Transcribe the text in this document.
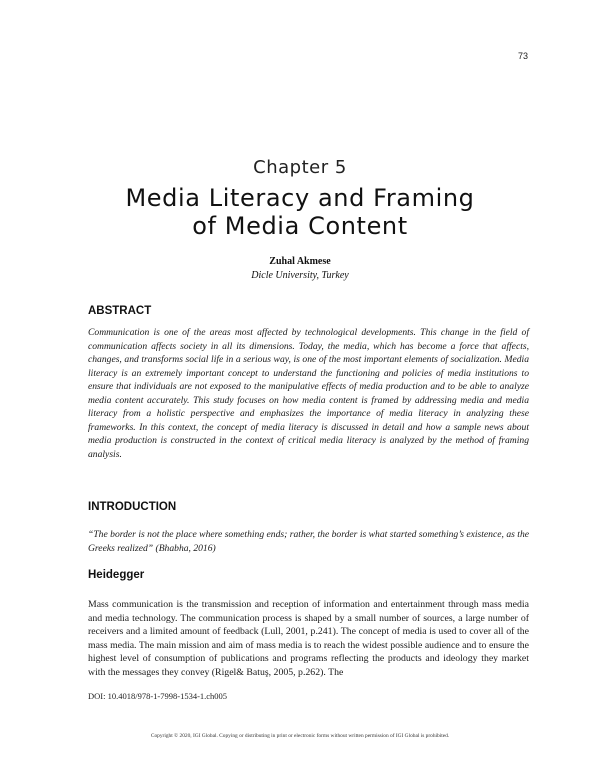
73
Chapter 5
Media Literacy and Framing
of Media Content
Zuhal Akmese
Dicle University, Turkey
ABSTRACT

Communication is one of the areas most affected by technological developments. This change in the field of communication affects society in all its dimensions. Today, the media, which has become a force that affects, changes, and transforms social life in a serious way, is one of the most important elements of socialization. Media literacy is an extremely important concept to understand the functioning and policies of media institutions to ensure that individuals are not exposed to the manipulative effects of media production and to be able to analyze media content accurately. This study focuses on how media content is framed by addressing media and media literacy from a holistic perspective and emphasizes the importance of media literacy in analyzing these frameworks. In this context, the concept of media literacy is discussed in detail and how a sample news about media production is constructed in the context of critical media literacy is analyzed by the method of framing analysis.

INTRODUCTION

“The border is not the place where something ends; rather, the border is what started something’s existence, as the Greeks realized” (Bhabha, 2016)

Heidegger

Mass communication is the transmission and reception of information and entertainment through mass media and media technology. The communication process is shaped by a small number of sources, a large number of receivers and a limited amount of feedback (Lull, 2001, p.241). The concept of media is used to cover all of the mass media. The main mission and aim of mass media is to reach the widest possible audience and to ensure the highest level of consumption of publications and programs reflecting the products and ideology they market with the messages they convey (Rigel& Batuş, 2005, p.262). The

DOI: 10.4018/978-1-7998-1534-1.ch005
Copyright © 2020, IGI Global. Copying or distributing in print or electronic forms without written permission of IGI Global is prohibited.
